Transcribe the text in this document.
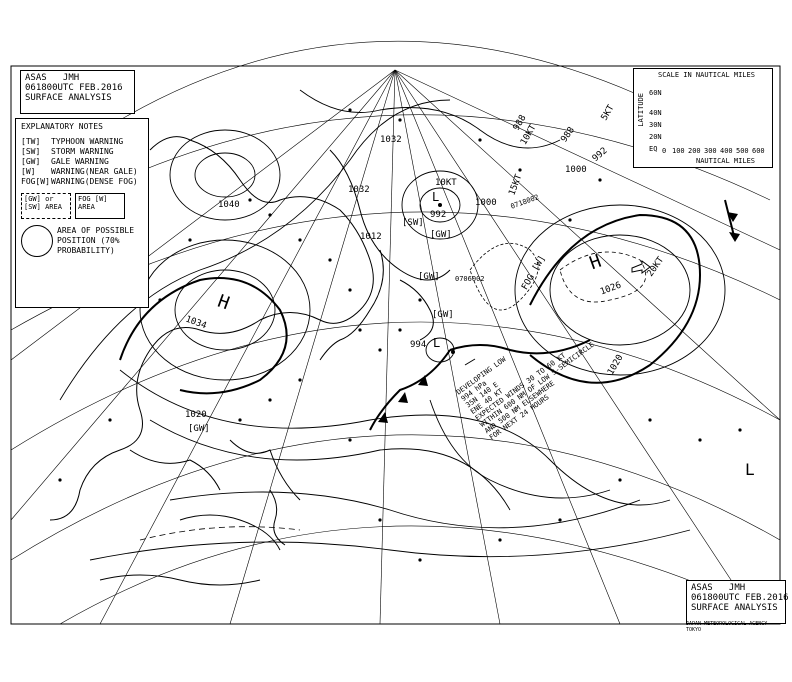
ASAS   JMH
061800UTC FEB.2016
SURFACE ANALYSIS
EXPLANATORY NOTES
[TW] TYPHOON WARNING
[SW] STORM WARNING
[GW] GALE WARNING
[W] WARNING(NEAR GALE)
FOG[W]WARNING(DENSE FOG)
[GW] or [SW] AREA
FOG [W] AREA
AREA OF POSSIBLE POSITION (70% PROBABILITY)
SCALE IN NAUTICAL MILES
LATITUDE
NAUTICAL MILES
60N
40N
30N
20N
EQ 0 100 200 300 400 500 600
ASAS   JMH
061800UTC FEB.2016
SURFACE ANALYSIS
JAPAN METEOROLOGICAL AGENCY TOKYO
H
1026
20KT
H
1034
1032
1032
1040
L
994
L
992
992
988
988
L
1000
1012
1020
1020
1000
[GW]
[GW]
[GW]
[GW]
[SW]
FOG [W]
10KT
5KT
15KT
10KT
0706002
0718002
DEVELOPING LOW
994 hPa
35N 140 E
ENE 40 KT
EXPECTED WINDS 30 TO 60 KT
WITHIN 600 NM OF LOW S-SEMICIRCLE
AND 500 NM ELSEWHERE
FOR NEXT 24 HOURS
